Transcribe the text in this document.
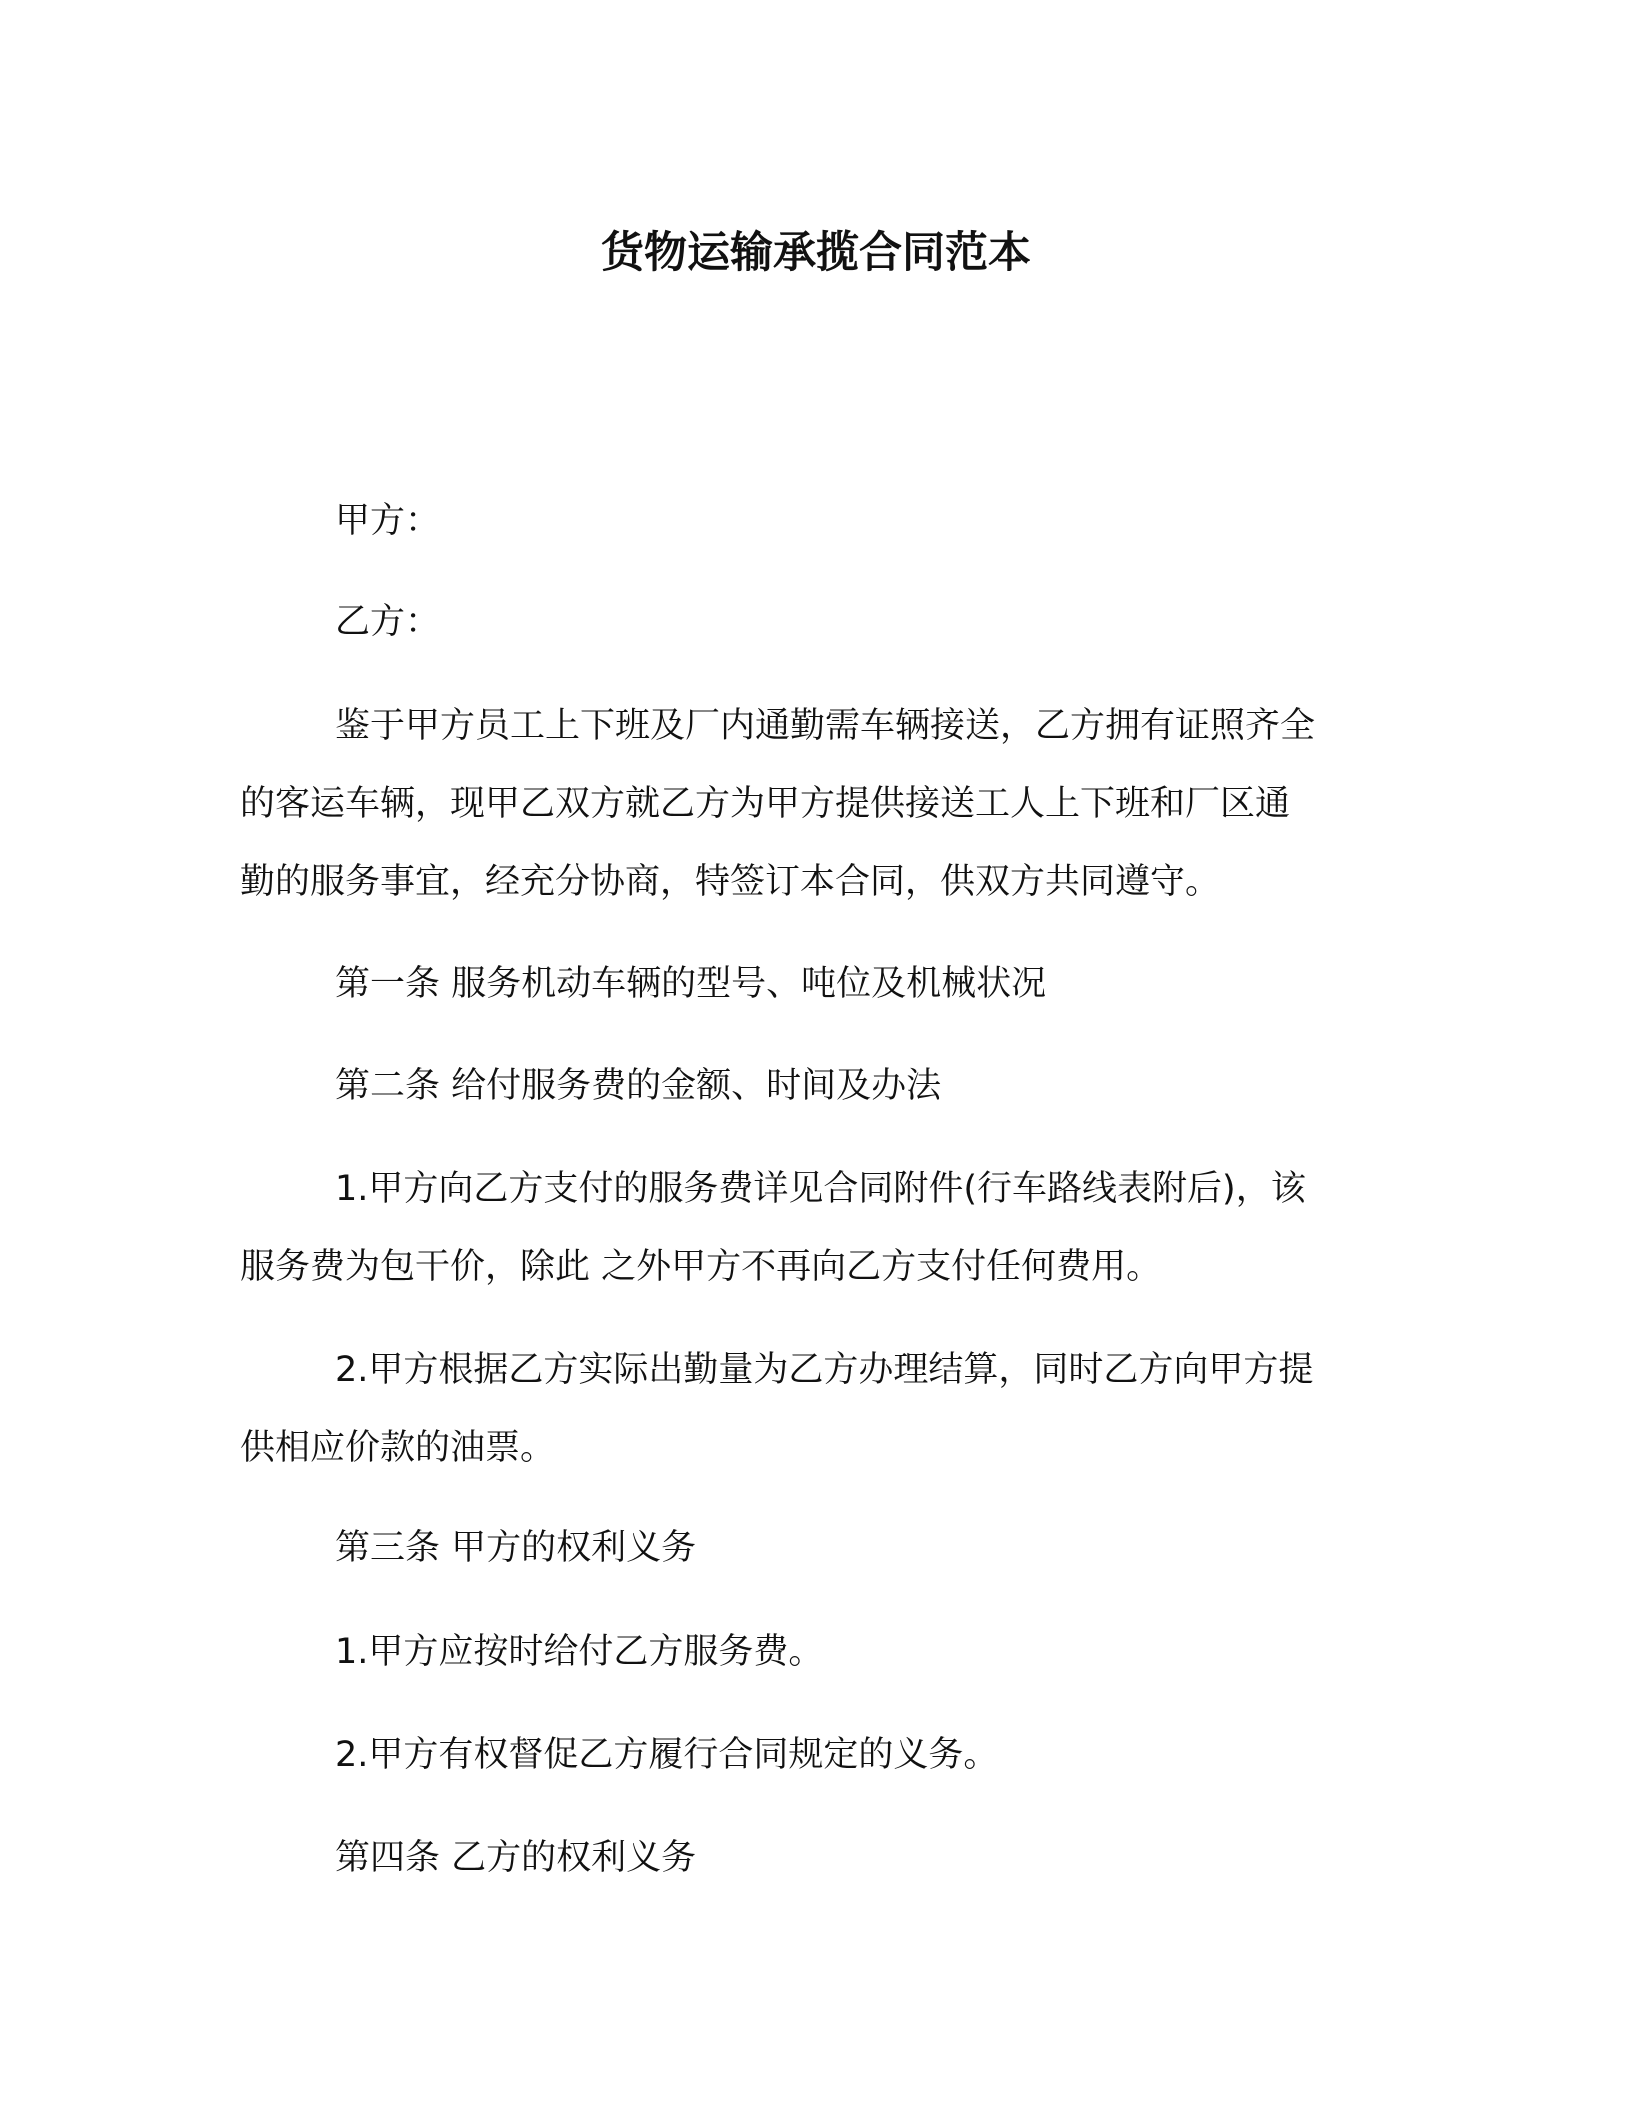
货物运输承揽合同范本
甲方：
乙方：
鉴于甲方员工上下班及厂内通勤需车辆接送，乙方拥有证照齐全
的客运车辆，现甲乙双方就乙方为甲方提供接送工人上下班和厂区通
勤的服务事宜，经充分协商，特签订本合同，供双方共同遵守。
第一条 服务机动车辆的型号、吨位及机械状况
第二条 给付服务费的金额、时间及办法
1.甲方向乙方支付的服务费详见合同附件(行车路线表附后)，该
服务费为包干价，除此 之外甲方不再向乙方支付任何费用。
2.甲方根据乙方实际出勤量为乙方办理结算，同时乙方向甲方提
供相应价款的油票。
第三条 甲方的权利义务
1.甲方应按时给付乙方服务费。
2.甲方有权督促乙方履行合同规定的义务。
第四条 乙方的权利义务
